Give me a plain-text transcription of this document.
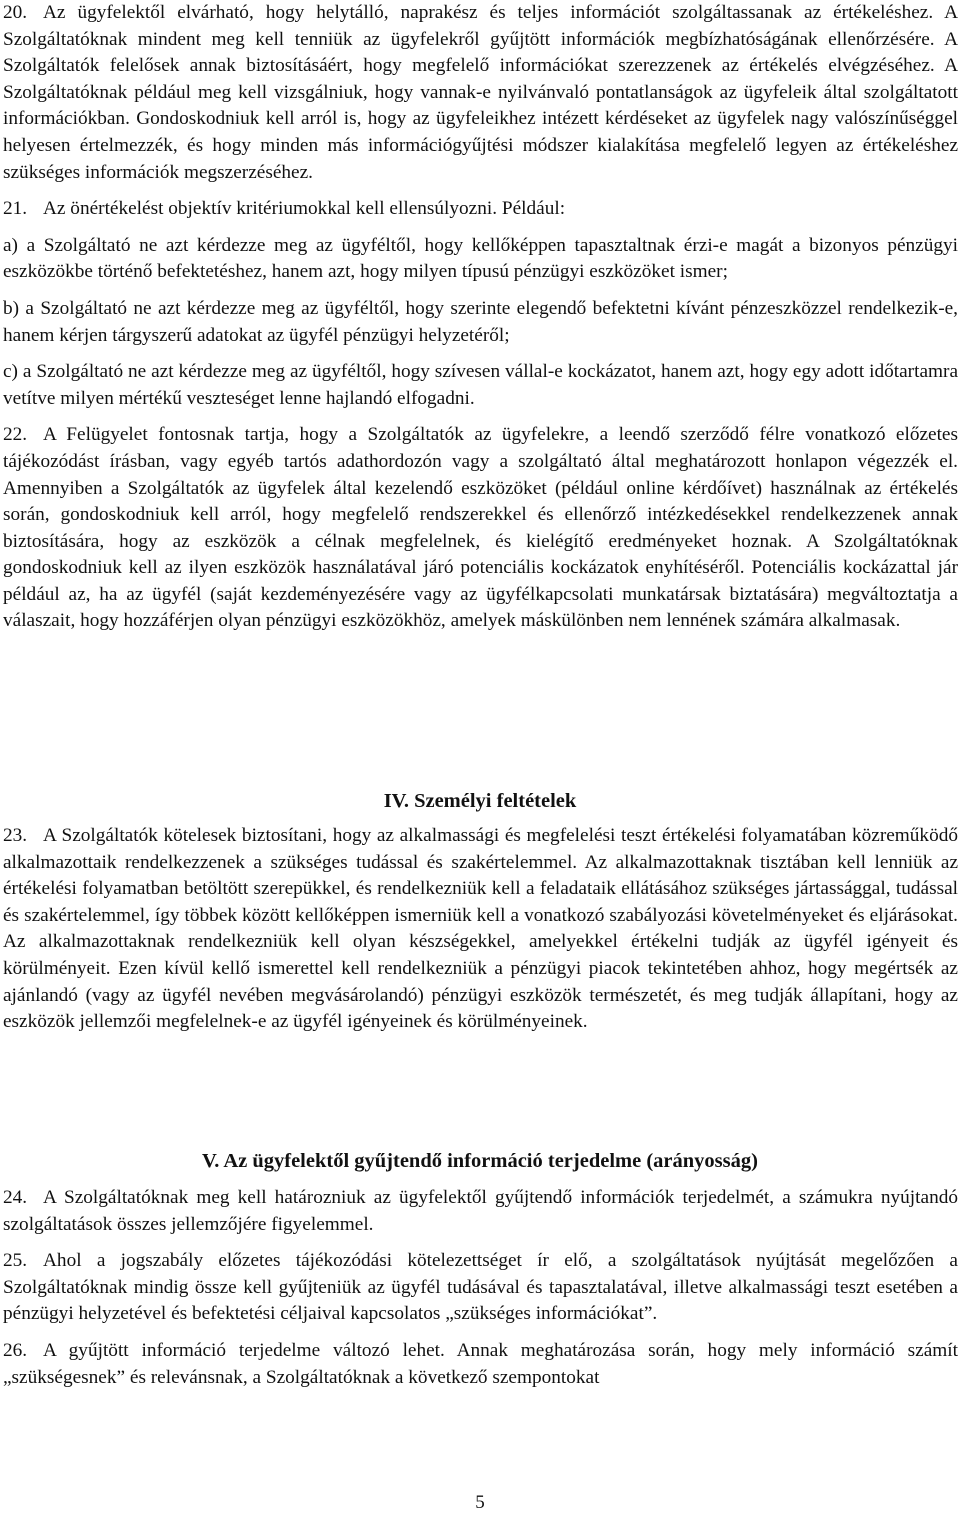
20. Az ügyfelektől elvárható, hogy helytálló, naprakész és teljes információt szolgáltassanak az értékeléshez. A Szolgáltatóknak mindent meg kell tenniük az ügyfelekről gyűjtött információk megbízhatóságának ellenőrzésére. A Szolgáltatók felelősek annak biztosításáért, hogy megfelelő információkat szerezzenek az értékelés elvégzéséhez. A Szolgáltatóknak például meg kell vizsgálniuk, hogy vannak-e nyilvánvaló pontatlanságok az ügyfeleik által szolgáltatott információkban. Gondoskodniuk kell arról is, hogy az ügyfeleikhez intézett kérdéseket az ügyfelek nagy valószínűséggel helyesen értelmezzék, és hogy minden más információgyűjtési módszer kialakítása megfelelő legyen az értékeléshez szükséges információk megszerzéséhez.

21. Az önértékelést objektív kritériumokkal kell ellensúlyozni. Például:

a) a Szolgáltató ne azt kérdezze meg az ügyféltől, hogy kellőképpen tapasztaltnak érzi-e magát a bizonyos pénzügyi eszközökbe történő befektetéshez, hanem azt, hogy milyen típusú pénzügyi eszközöket ismer;

b) a Szolgáltató ne azt kérdezze meg az ügyféltől, hogy szerinte elegendő befektetni kívánt pénzeszközzel rendelkezik-e, hanem kérjen tárgyszerű adatokat az ügyfél pénzügyi helyzetéről;

c) a Szolgáltató ne azt kérdezze meg az ügyféltől, hogy szívesen vállal-e kockázatot, hanem azt, hogy egy adott időtartamra vetítve milyen mértékű veszteséget lenne hajlandó elfogadni.

22. A Felügyelet fontosnak tartja, hogy a Szolgáltatók az ügyfelekre, a leendő szerződő félre vonatkozó előzetes tájékozódást írásban, vagy egyéb tartós adathordozón vagy a szolgáltató által meghatározott honlapon végezzék el. Amennyiben a Szolgáltatók az ügyfelek által kezelendő eszközöket (például online kérdőívet) használnak az értékelés során, gondoskodniuk kell arról, hogy megfelelő rendszerekkel és ellenőrző intézkedésekkel rendelkezzenek annak biztosítására, hogy az eszközök a célnak megfelelnek, és kielégítő eredményeket hoznak. A Szolgáltatóknak gondoskodniuk kell az ilyen eszközök használatával járó potenciális kockázatok enyhítéséről. Potenciális kockázattal jár például az, ha az ügyfél (saját kezdeményezésére vagy az ügyfélkapcsolati munkatársak biztatására) megváltoztatja a válaszait, hogy hozzáférjen olyan pénzügyi eszközökhöz, amelyek máskülönben nem lennének számára alkalmasak.

IV. Személyi feltételek

23. A Szolgáltatók kötelesek biztosítani, hogy az alkalmassági és megfelelési teszt értékelési folyamatában közreműködő alkalmazottaik rendelkezzenek a szükséges tudással és szakértelemmel. Az alkalmazottaknak tisztában kell lenniük az értékelési folyamatban betöltött szerepükkel, és rendelkezniük kell a feladataik ellátásához szükséges jártassággal, tudással és szakértelemmel, így többek között kellőképpen ismerniük kell a vonatkozó szabályozási követelményeket és eljárásokat. Az alkalmazottaknak rendelkezniük kell olyan készségekkel, amelyekkel értékelni tudják az ügyfél igényeit és körülményeit. Ezen kívül kellő ismerettel kell rendelkezniük a pénzügyi piacok tekintetében ahhoz, hogy megértsék az ajánlandó (vagy az ügyfél nevében megvásárolandó) pénzügyi eszközök természetét, és meg tudják állapítani, hogy az eszközök jellemzői megfelelnek-e az ügyfél igényeinek és körülményeinek.

V. Az ügyfelektől gyűjtendő információ terjedelme (arányosság)

24. A Szolgáltatóknak meg kell határozniuk az ügyfelektől gyűjtendő információk terjedelmét, a számukra nyújtandó szolgáltatások összes jellemzőjére figyelemmel.

25. Ahol a jogszabály előzetes tájékozódási kötelezettséget ír elő, a szolgáltatások nyújtását megelőzően a Szolgáltatóknak mindig össze kell gyűjteniük az ügyfél tudásával és tapasztalatával, illetve alkalmassági teszt esetében a pénzügyi helyzetével és befektetési céljaival kapcsolatos „szükséges információkat”.

26. A gyűjtött információ terjedelme változó lehet. Annak meghatározása során, hogy mely információ számít „szükségesnek” és relevánsnak, a Szolgáltatóknak a következő szempontokat

5
